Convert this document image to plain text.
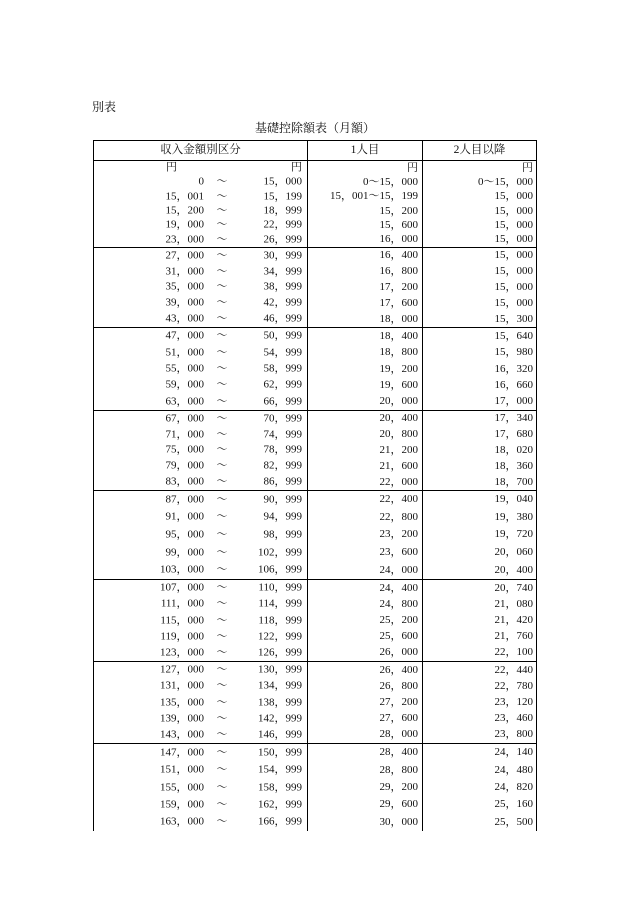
別表
基礎控除額表（月額）
収入金額別区分	1人目	2人目以降
円	円	円	円
0 ～	15，000	0～15，000	0～15，000
15，001 ～	15，199	15，001～15，199	15，000
15，200 ～	18，999	15，200	15，000
19，000 ～	22，999	15，600	15，000
23，000 ～	26，999	16，000	15，000
27，000 ～	30，999	16，400	15，000
31，000 ～	34，999	16，800	15，000
35，000 ～	38，999	17，200	15，000
39，000 ～	42，999	17，600	15，000
43，000 ～	46，999	18，000	15，300
47，000 ～	50，999	18，400	15，640
51，000 ～	54，999	18，800	15，980
55，000 ～	58，999	19，200	16，320
59，000 ～	62，999	19，600	16，660
63，000 ～	66，999	20，000	17，000
67，000 ～	70，999	20，400	17，340
71，000 ～	74，999	20，800	17，680
75，000 ～	78，999	21，200	18，020
79，000 ～	82，999	21，600	18，360
83，000 ～	86，999	22，000	18，700
87，000 ～	90，999	22，400	19，040
91，000 ～	94，999	22，800	19，380
95，000 ～	98，999	23，200	19，720
99，000 ～	102，999	23，600	20，060
103，000 ～	106，999	24，000	20，400
107，000 ～	110，999	24，400	20，740
111，000 ～	114，999	24，800	21，080
115，000 ～	118，999	25，200	21，420
119，000 ～	122，999	25，600	21，760
123，000 ～	126，999	26，000	22，100
127，000 ～	130，999	26，400	22，440
131，000 ～	134，999	26，800	22，780
135，000 ～	138，999	27，200	23，120
139，000 ～	142，999	27，600	23，460
143，000 ～	146，999	28，000	23，800
147，000 ～	150，999	28，400	24，140
151，000 ～	154，999	28，800	24，480
155，000 ～	158，999	29，200	24，820
159，000 ～	162，999	29，600	25，160
163，000 ～	166，999	30，000	25，500
